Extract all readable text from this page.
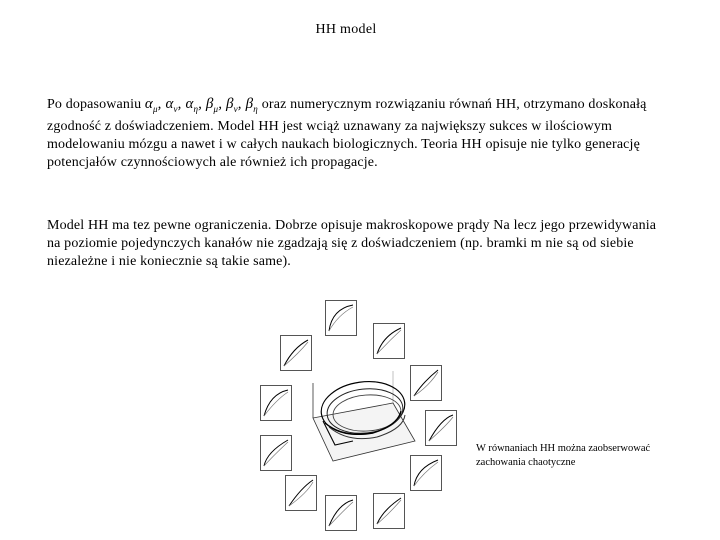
HH model
Po dopasowaniu $\alpha_\mu$, $\alpha_\nu$, $\alpha_\eta$, $\beta_\mu$, $\beta_\nu$, $\beta_\eta$ oraz numerycznym rozwiązaniu równań HH, otrzymano doskonałą zgodność z doświadczeniem. Model HH jest wciąż uznawany za największy sukces w ilościowym modelowaniu mózgu a nawet i w całych naukach biologicznych. Teoria HH opisuje nie tylko generację potencjałów czynnościowych ale również ich propagacje.
Model HH ma tez pewne ograniczenia. Dobrze opisuje makroskopowe prądy Na lecz jego przewidywania na poziomie pojedynczych kanałów nie zgadzają się z doświadczeniem (np. bramki m nie są od siebie niezależne i nie koniecznie są takie same).
W równaniach HH można zaobserwować zachowania chaotyczne
